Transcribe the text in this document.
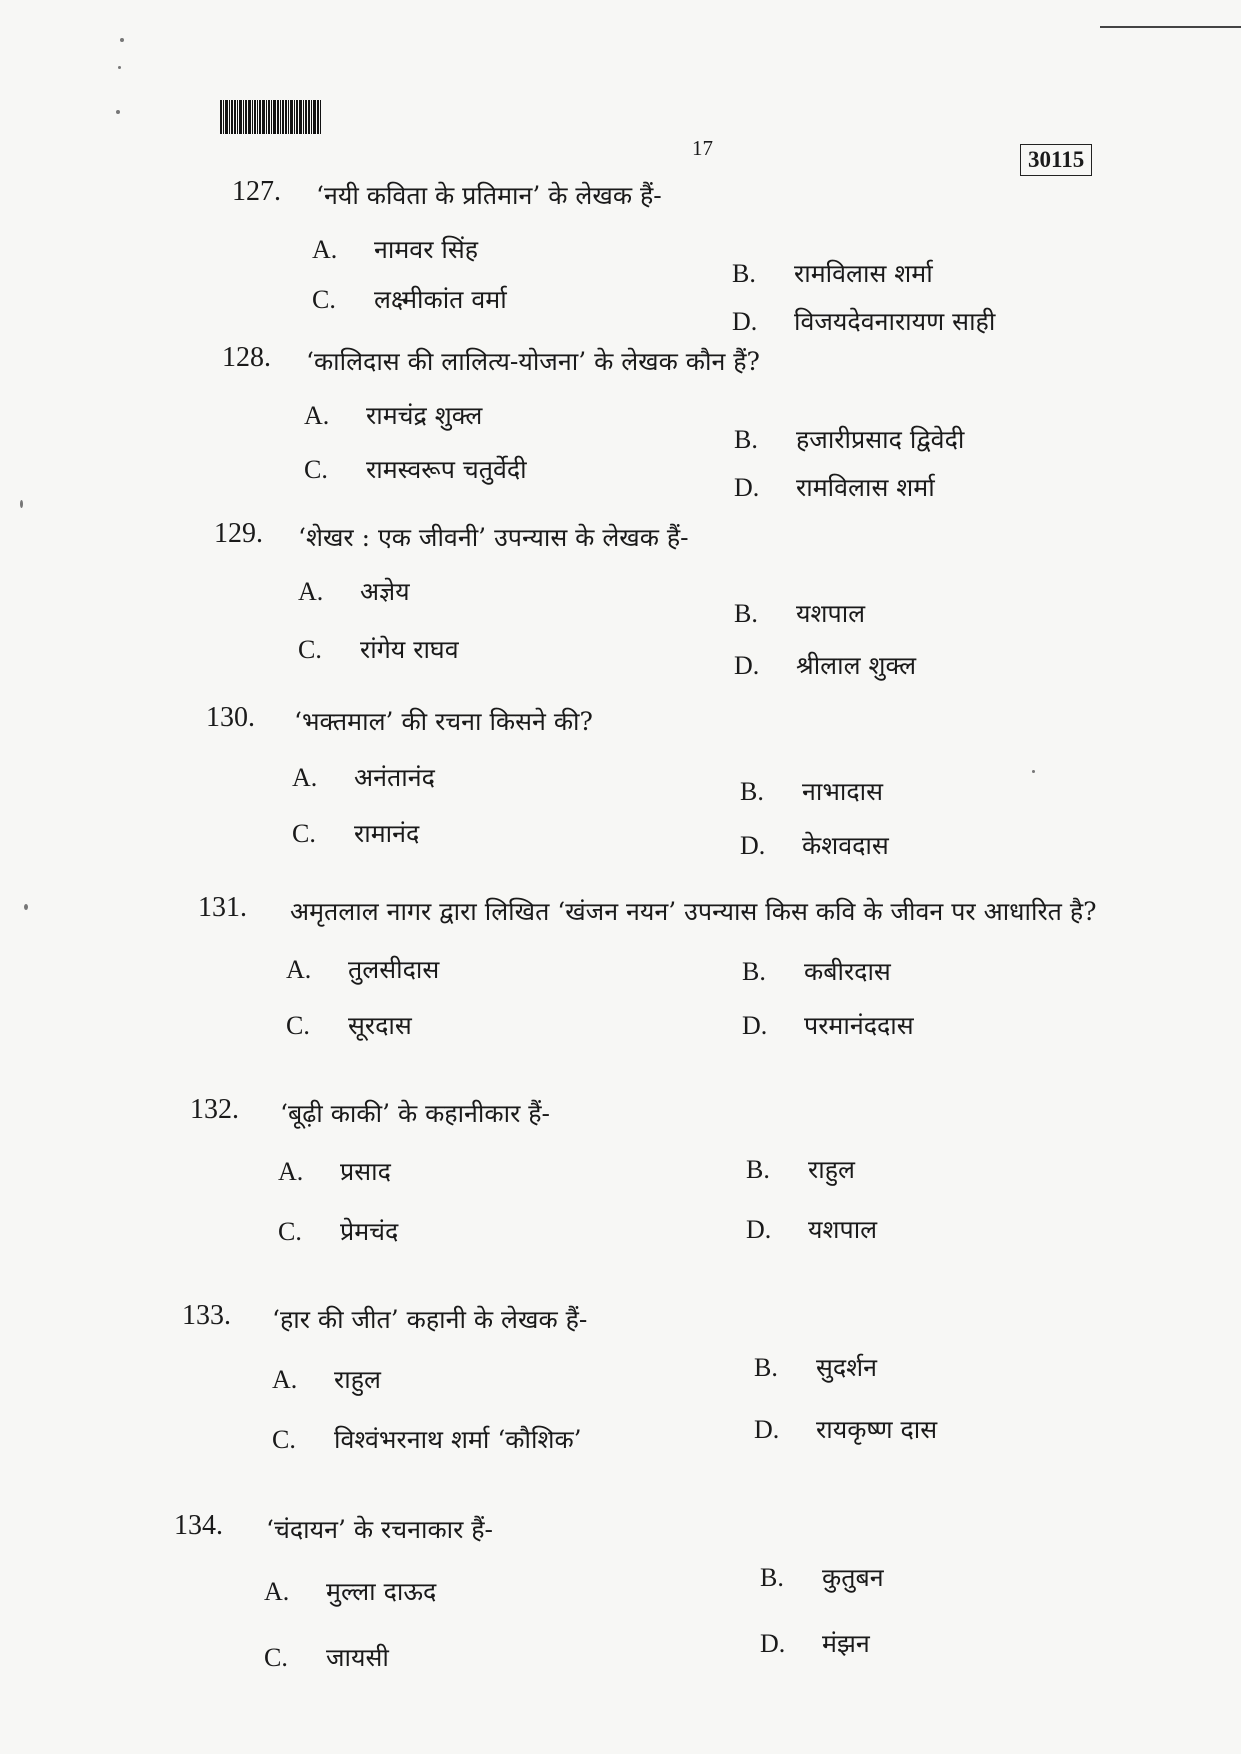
17	30115
127. ‘नयी कविता के प्रतिमान’ के लेखक हैं-
A. नामवर सिंह
B. रामविलास शर्मा
C. लक्ष्मीकांत वर्मा
D. विजयदेवनारायण साही
128. ‘कालिदास की लालित्य-योजना’ के लेखक कौन हैं?
A. रामचंद्र शुक्ल
B. हजारीप्रसाद द्विवेदी
C. रामस्वरूप चतुर्वेदी
D. रामविलास शर्मा
129. ‘शेखर : एक जीवनी’ उपन्यास के लेखक हैं-
A. अज्ञेय
B. यशपाल
C. रांगेय राघव
D. श्रीलाल शुक्ल
130. ‘भक्तमाल’ की रचना किसने की?
A. अनंतानंद	B. नाभादास
C. रामानंद	D. केशवदास
131. अमृतलाल नागर द्वारा लिखित ‘खंजन नयन’ उपन्यास किस कवि के जीवन पर आधारित है?
A. तुलसीदास	B. कबीरदास
C. सूरदास	D. परमानंददास
132. ‘बूढ़ी काकी’ के कहानीकार हैं-
A. प्रसाद	B. राहुल
C. प्रेमचंद	D. यशपाल
133. ‘हार की जीत’ कहानी के लेखक हैं-
A. राहुल	B. सुदर्शन
C. विश्वंभरनाथ शर्मा ‘कौशिक’	D. रायकृष्ण दास
134. ‘चंदायन’ के रचनाकार हैं-
A. मुल्ला दाऊद	B. कुतुबन
C. जायसी	D. मंझन
